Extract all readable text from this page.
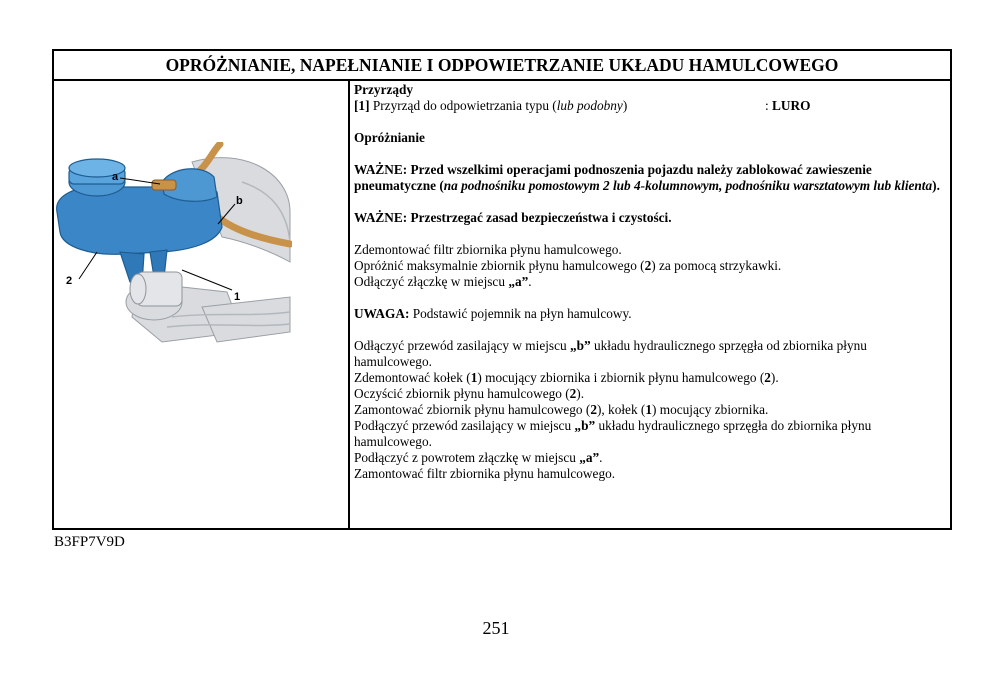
OPRÓŻNIANIE, NAPEŁNIANIE I ODPOWIETRZANIE UKŁADU HAMULCOWEGO

Przyrządy

[1] Przyrząd do odpowietrzania typu (lub podobny)	: LURO

Opróżnianie

WAŻNE: Przed wszelkimi operacjami podnoszenia pojazdu należy zablokować zawieszenie pneumatyczne (na podnośniku pomostowym 2 lub 4-kolumnowym, podnośniku warsztatowym lub klienta).

WAŻNE: Przestrzegać zasad bezpieczeństwa i czystości.

Zdemontować filtr zbiornika płynu hamulcowego.

Opróżnić maksymalnie zbiornik płynu hamulcowego (2) za pomocą strzykawki.

Odłączyć złączkę w miejscu „a”.

UWAGA: Podstawić pojemnik na płyn hamulcowy.

Odłączyć przewód zasilający w miejscu „b” układu hydraulicznego sprzęgła od zbiornika płynu hamulcowego.

Zdemontować kołek (1) mocujący zbiornika i zbiornik płynu hamulcowego (2).

Oczyścić zbiornik płynu hamulcowego (2).

Zamontować zbiornik płynu hamulcowego (2), kołek (1) mocujący zbiornika.

Podłączyć przewód zasilający w miejscu „b” układu hydraulicznego sprzęgła do zbiornika płynu hamulcowego.

Podłączyć z powrotem złączkę w miejscu „a”.

Zamontować filtr zbiornika płynu hamulcowego.

a
b
2
1
B3FP7V9D
251
